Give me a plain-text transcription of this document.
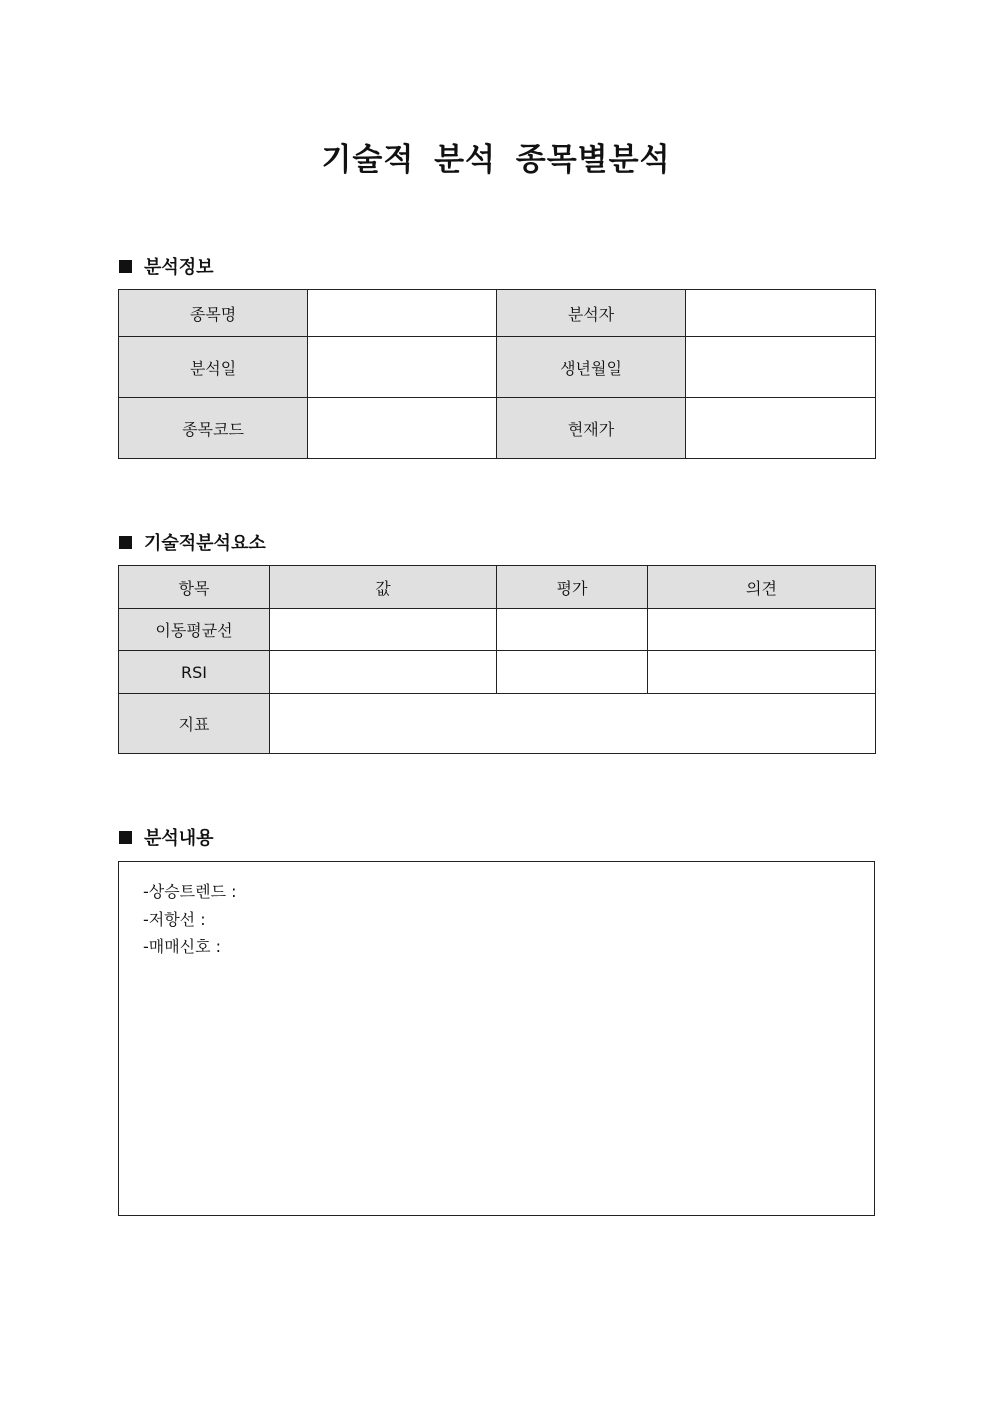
기술적 분석 종목별분석
분석정보
종목명		분석자	
분석일		생년월일	
종목코드		현재가	
기술적분석요소
항목	값	평가	의견
이동평균선			
RSI			
지표			
분석내용
-상승트렌드 :
-저항선 :
-매매신호 :
